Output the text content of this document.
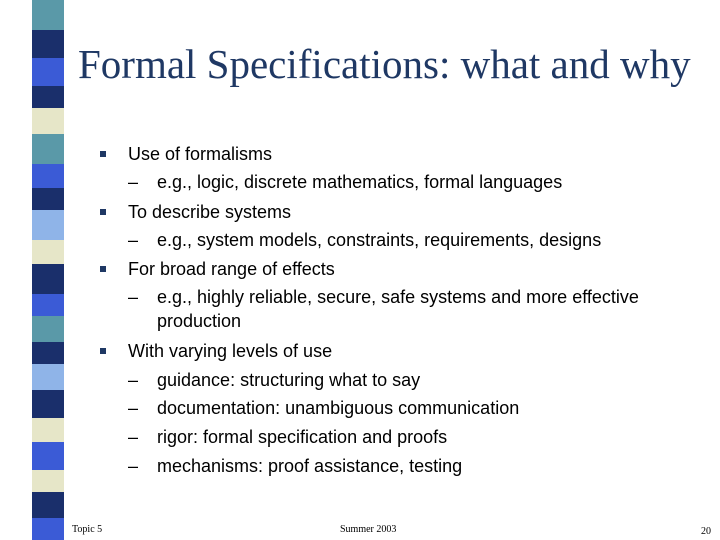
Formal Specifications: what and why
Use of formalisms
– e.g., logic, discrete mathematics, formal languages
To describe systems
– e.g., system models, constraints, requirements, designs
For broad range of effects
– e.g., highly reliable, secure, safe systems and more effective
production
With varying levels of use
– guidance: structuring what to say
– documentation: unambiguous communication
– rigor: formal specification and proofs
– mechanisms: proof assistance, testing
Topic 5	Summer 2003	20
